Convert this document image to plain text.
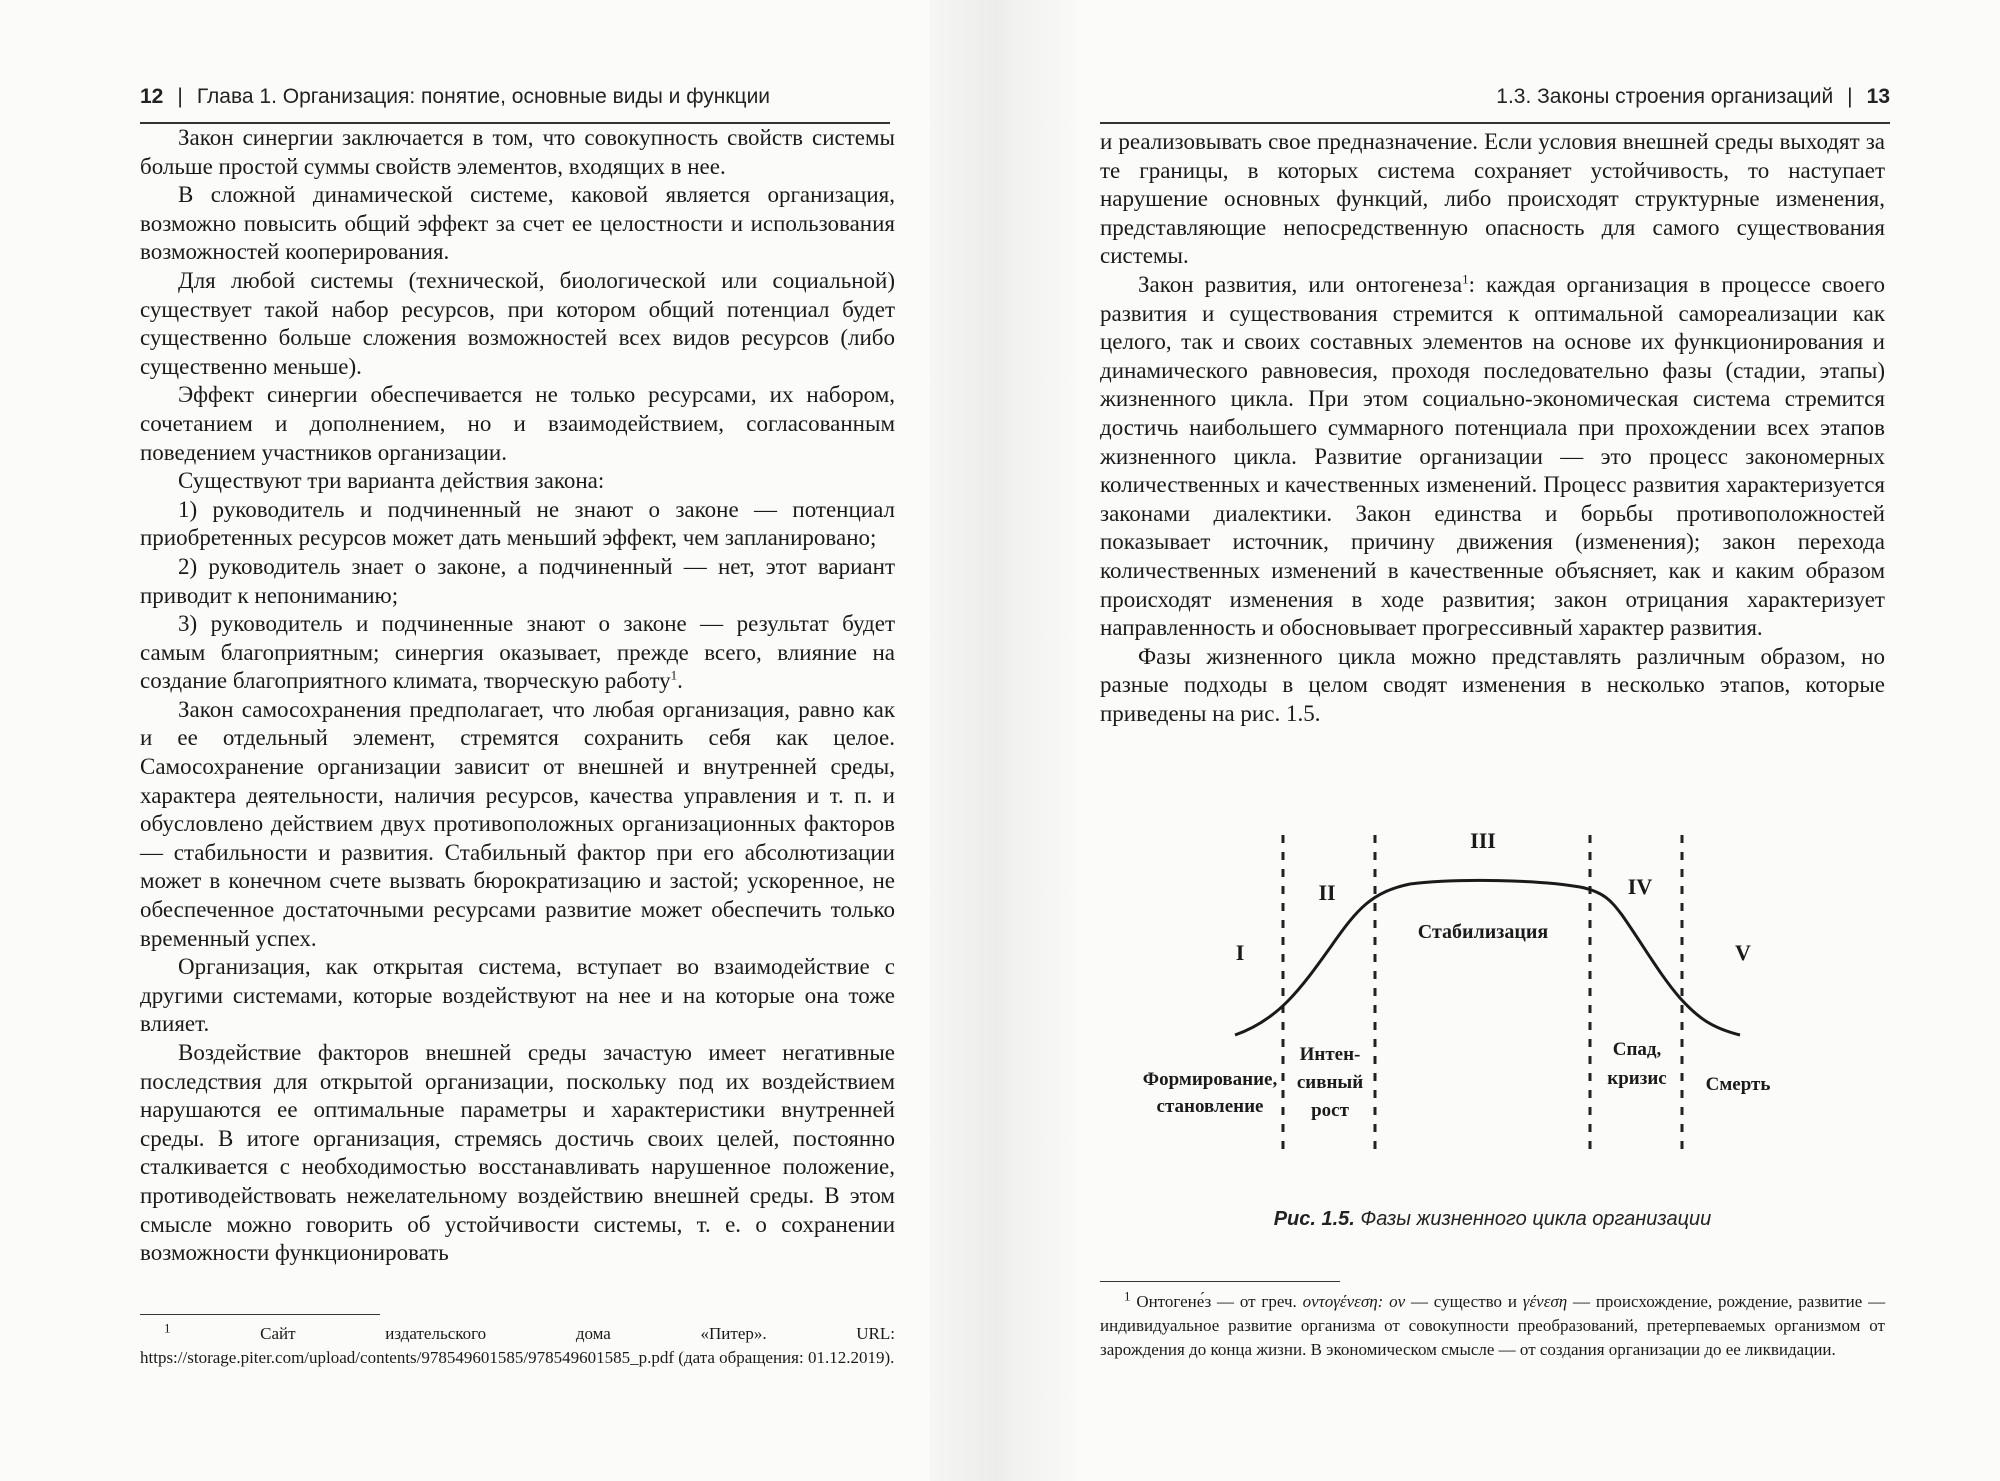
12 | Глава 1. Организация: понятие, основные виды и функции

Закон синергии заключается в том, что совокупность свойств системы больше простой суммы свойств элементов, входящих в нее.

В сложной динамической системе, каковой является организация, возможно повысить общий эффект за счет ее целостности и использования возможностей кооперирования.

Для любой системы (технической, биологической или социальной) существует такой набор ресурсов, при котором общий потенциал будет существенно больше сложения возможностей всех видов ресурсов (либо существенно меньше).

Эффект синергии обеспечивается не только ресурсами, их набором, сочетанием и дополнением, но и взаимодействием, согласованным поведением участников организации.

Существуют три варианта действия закона:

1) руководитель и подчиненный не знают о законе — потенциал приобретенных ресурсов может дать меньший эффект, чем запланировано;

2) руководитель знает о законе, а подчиненный — нет, этот вариант приводит к непониманию;

3) руководитель и подчиненные знают о законе — результат будет самым благоприятным; синергия оказывает, прежде всего, влияние на создание благоприятного климата, творческую работу$^1$.

Закон самосохранения предполагает, что любая организация, равно как и ее отдельный элемент, стремятся сохранить себя как целое. Самосохранение организации зависит от внешней и внутренней среды, характера деятельности, наличия ресурсов, качества управления и т. п. и обусловлено действием двух противоположных организационных факторов — стабильности и развития. Стабильный фактор при его абсолютизации может в конечном счете вызвать бюрократизацию и застой; ускоренное, не обеспеченное достаточными ресурсами развитие может обеспечить только временный успех.

Организация, как открытая система, вступает во взаимодействие с другими системами, которые воздействуют на нее и на которые она тоже влияет.

Воздействие факторов внешней среды зачастую имеет негативные последствия для открытой организации, поскольку под их воздействием нарушаются ее оптимальные параметры и характеристики внутренней среды. В итоге организация, стремясь достичь своих целей, постоянно сталкивается с необходимостью восстанавливать нарушенное положение, противодействовать нежелательному воздействию внешней среды. В этом смысле можно говорить об устойчивости системы, т. е. о сохранении возможности функционировать

$^1$	Сайт издательского дома «Питер». URL: https://storage.piter.com/upload/contents/978549601585/978549601585_p.pdf (дата обращения: 01.12.2019).

1.3. Законы строения организаций | 13

и реализовывать свое предназначение. Если условия внешней среды выходят за те границы, в которых система сохраняет устойчивость, то наступает нарушение основных функций, либо происходят структурные изменения, представляющие непосредственную опасность для самого существования системы.

Закон развития, или онтогенеза$^1$: каждая организация в процессе своего развития и существования стремится к оптимальной самореализации как целого, так и своих составных элементов на основе их функционирования и динамического равновесия, проходя последовательно фазы (стадии, этапы) жизненного цикла. При этом социально-экономическая система стремится достичь наибольшего суммарного потенциала при прохождении всех этапов жизненного цикла. Развитие организации — это процесс закономерных количественных и качественных изменений. Процесс развития характеризуется законами диалектики. Закон единства и борьбы противоположностей показывает источник, причину движения (изменения); закон перехода количественных изменений в качественные объясняет, как и каким образом происходят изменения в ходе развития; закон отрицания характеризует направленность и обосновывает прогрессивный характер развития.

Фазы жизненного цикла можно представлять различным образом, но разные подходы в целом сводят изменения в несколько этапов, которые приведены на рис. 1.5.

I
II
III
IV
V
Стабилизация
Формирование,
становление
Интен-
сивный
рост
Спад,
кризис Смерть
Рис. 1.5. Фазы жизненного цикла организации

$^1$ Онтогене́з — от греч. οντογένεση: ον — существо и γένεση — происхождение, рождение, развитие — индивидуальное развитие организма от совокупности преобразований, претерпеваемых организмом от зарождения до конца жизни. В экономическом смысле — от создания организации до ее ликвидации.
